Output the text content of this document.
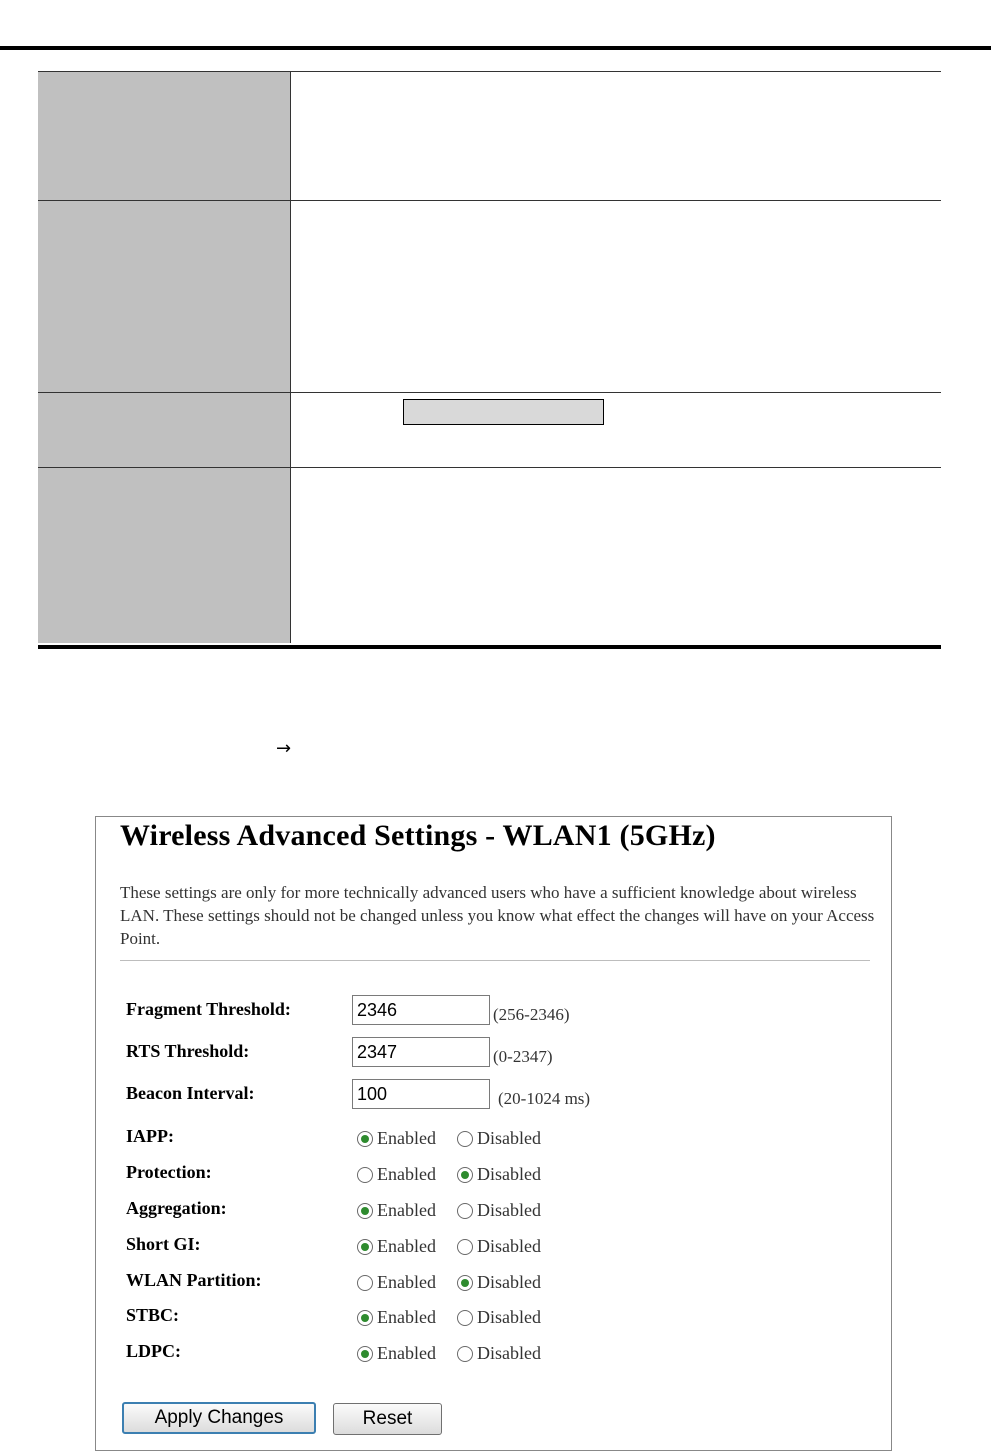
→
Wireless Advanced Settings - WLAN1 (5GHz)

These settings are only for more technically advanced users who have a sufficient knowledge about wireless LAN. These settings should not be changed unless you know what effect the changes will have on your Access Point.

Fragment Threshold:
2346	(256-2346)
RTS Threshold:
2347	(0-2347)
Beacon Interval:
100	(20-1024 ms)
IAPP:	Enabled Disabled
Protection:	Enabled Disabled
Aggregation:	Enabled Disabled
Short GI:	Enabled Disabled
WLAN Partition:	Enabled Disabled
STBC:	Enabled Disabled
LDPC:	Enabled Disabled
Apply Changes	Reset
